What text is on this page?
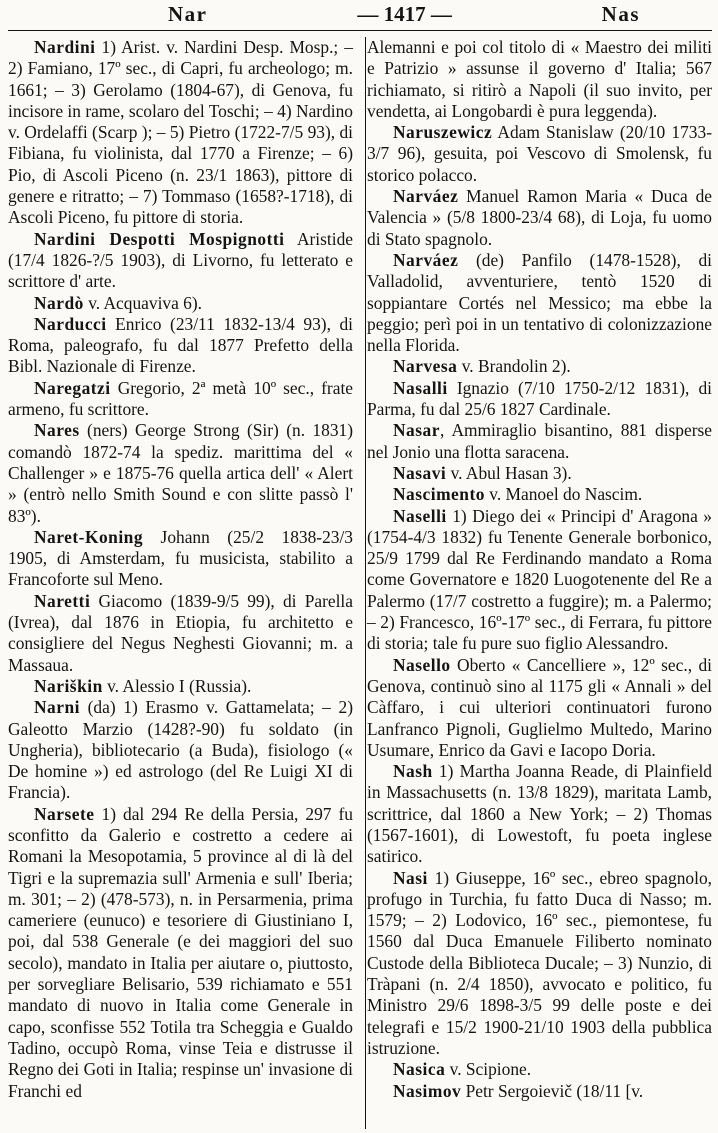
Nar	— 1417 —	Nas

Nardini 1) Arist. v. Nardini Desp. Mosp.; – 2) Famiano, 17º sec., di Capri, fu archeologo; m. 1661; – 3) Gerolamo (1804-67), di Genova, fu incisore in rame, scolaro del Toschi; – 4) Nardino v. Ordelaffi (Scarp ); – 5) Pietro (1722-7/5 93), di Fibiana, fu violinista, dal 1770 a Firenze; – 6) Pio, di Ascoli Piceno (n. 23/1 1863), pittore di genere e ritratto; – 7) Tommaso (1658?-1718), di Ascoli Piceno, fu pittore di storia.

Nardini Despotti Mospignotti Aristide (17/4 1826-?/5 1903), di Livorno, fu letterato e scrittore d' arte.

Nardò v. Acquaviva 6).

Narducci Enrico (23/11 1832-13/4 93), di Roma, paleografo, fu dal 1877 Prefetto della Bibl. Nazionale di Firenze.

Naregatzi Gregorio, 2ª metà 10º sec., frate armeno, fu scrittore.

Nares (ners) George Strong (Sir) (n. 1831) comandò 1872-74 la spediz. marittima del « Challenger » e 1875-76 quella artica dell' « Alert » (entrò nello Smith Sound e con slitte passò l' 83º).

Naret-Koning Johann (25/2 1838-23/3 1905, di Amsterdam, fu musicista, stabilito a Francoforte sul Meno.

Naretti Giacomo (1839-9/5 99), di Parella (Ivrea), dal 1876 in Etiopia, fu architetto e consigliere del Negus Neghesti Giovanni; m. a Massaua.

Nariškin v. Alessio I (Russia).

Narni (da) 1) Erasmo v. Gattamelata; – 2) Galeotto Marzio (1428?-90) fu soldato (in Ungheria), bibliotecario (a Buda), fisiologo (« De homine ») ed astrologo (del Re Luigi XI di Francia).

Narsete 1) dal 294 Re della Persia, 297 fu sconfitto da Galerio e costretto a cedere ai Romani la Mesopotamia, 5 province al di là del Tigri e la supremazia sull' Armenia e sull' Iberia; m. 301; – 2) (478-573), n. in Persarmenia, prima cameriere (eunuco) e tesoriere di Giustiniano I, poi, dal 538 Generale (e dei maggiori del suo secolo), mandato in Italia per aiutare o, piuttosto, per sorvegliare Belisario, 539 richiamato e 551 mandato di nuovo in Italia come Generale in capo, sconfisse 552 Totila tra Scheggia e Gualdo Tadino, occupò Roma, vinse Teia e distrusse il Regno dei Goti in Italia; respinse un' invasione di Franchi ed

Alemanni e poi col titolo di « Maestro dei militi e Patrizio » assunse il governo d' Italia; 567 richiamato, si ritirò a Napoli (il suo invito, per vendetta, ai Longobardi è pura leggenda).

Naruszewicz Adam Stanislaw (20/10 1733-3/7 96), gesuita, poi Vescovo di Smolensk, fu storico polacco.

Narváez Manuel Ramon Maria « Duca de Valencia » (5/8 1800-23/4 68), di Loja, fu uomo di Stato spagnolo.

Narváez (de) Panfilo (1478-1528), di Valladolid, avventuriere, tentò 1520 di soppiantare Cortés nel Messico; ma ebbe la peggio; perì poi in un tentativo di colonizzazione nella Florida.

Narvesa v. Brandolin 2).

Nasalli Ignazio (7/10 1750-2/12 1831), di Parma, fu dal 25/6 1827 Cardinale.

Nasar, Ammiraglio bisantino, 881 disperse nel Jonio una flotta saracena.

Nasavi v. Abul Hasan 3).

Nascimento v. Manoel do Nascim.

Naselli 1) Diego dei « Principi d' Aragona » (1754-4/3 1832) fu Tenente Generale borbonico, 25/9 1799 dal Re Ferdinando mandato a Roma come Governatore e 1820 Luogotenente del Re a Palermo (17/7 costretto a fuggire); m. a Palermo; – 2) Francesco, 16º-17º sec., di Ferrara, fu pittore di storia; tale fu pure suo figlio Alessandro.

Nasello Oberto « Cancelliere », 12º sec., di Genova, continuò sino al 1175 gli « Annali » del Càffaro, i cui ulteriori continuatori furono Lanfranco Pignoli, Guglielmo Multedo, Marino Usumare, Enrico da Gavi e Iacopo Doria.

Nash 1) Martha Joanna Reade, di Plainfield in Massachusetts (n. 13/8 1829), maritata Lamb, scrittrice, dal 1860 a New York; – 2) Thomas (1567-1601), di Lowestoft, fu poeta inglese satirico.

Nasi 1) Giuseppe, 16º sec., ebreo spagnolo, profugo in Turchia, fu fatto Duca di Nasso; m. 1579; – 2) Lodovico, 16º sec., piemontese, fu 1560 dal Duca Emanuele Filiberto nominato Custode della Biblioteca Ducale; – 3) Nunzio, di Tràpani (n. 2/4 1850), avvocato e politico, fu Ministro 29/6 1898-3/5 99 delle poste e dei telegrafi e 15/2 1900-21/10 1903 della pubblica istruzione.

Nasica v. Scipione.

Nasimov Petr Sergoievič (18/11 [v.
